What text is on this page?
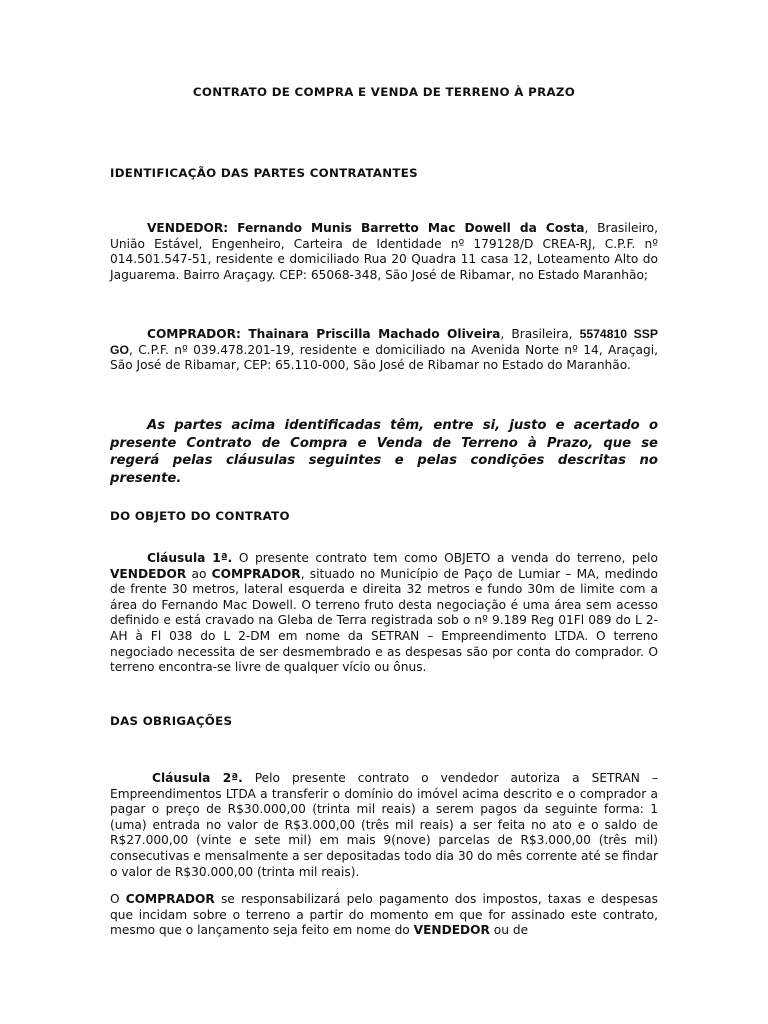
CONTRATO DE COMPRA E VENDA DE TERRENO À PRAZO
IDENTIFICAÇÃO DAS PARTES CONTRATANTES
VENDEDOR: Fernando Munis Barretto Mac Dowell da Costa, Brasileiro, União Estável, Engenheiro, Carteira de Identidade nº 179128/D CREA-RJ, C.P.F. nº 014.501.547-51, residente e domiciliado Rua 20 Quadra 11 casa 12, Loteamento Alto do Jaguarema. Bairro Araçagy. CEP: 65068-348, São José de Ribamar, no Estado Maranhão;
COMPRADOR: Thainara Priscilla Machado Oliveira, Brasileira, 5574810 SSP GO, C.P.F. nº 039.478.201-19, residente e domiciliado na Avenida Norte nº 14, Araçagi, São José de Ribamar, CEP: 65.110-000, São José de Ribamar no Estado do Maranhão.
As partes acima identificadas têm, entre si, justo e acertado o presente Contrato de Compra e Venda de Terreno à Prazo, que se regerá pelas cláusulas seguintes e pelas condições descritas no presente.
DO OBJETO DO CONTRATO
Cláusula 1ª. O presente contrato tem como OBJETO a venda do terreno, pelo VENDEDOR ao COMPRADOR, situado no Município de Paço de Lumiar – MA, medindo de frente 30 metros, lateral esquerda e direita 32 metros e fundo 30m de limite com a área do Fernando Mac Dowell. O terreno fruto desta negociação é uma área sem acesso definido e está cravado na Gleba de Terra registrada sob o nº 9.189 Reg 01Fl 089 do L 2-AH à Fl 038 do L 2-DM em nome da SETRAN – Empreendimento LTDA. O terreno negociado necessita de ser desmembrado e as despesas são por conta do comprador. O terreno encontra-se livre de qualquer vício ou ônus.
DAS OBRIGAÇÕES
Cláusula 2ª. Pelo presente contrato o vendedor autoriza a SETRAN – Empreendimentos LTDA a transferir o domínio do imóvel acima descrito e o comprador a pagar o preço de R$30.000,00 (trinta mil reais) a serem pagos da seguinte forma: 1 (uma) entrada no valor de R$3.000,00 (três mil reais) a ser feita no ato e o saldo de R$27.000,00 (vinte e sete mil) em mais 9(nove) parcelas de R$3.000,00 (três mil) consecutivas e mensalmente a ser depositadas todo dia 30 do mês corrente até se findar o valor de R$30.000,00 (trinta mil reais).
O COMPRADOR se responsabilizará pelo pagamento dos impostos, taxas e despesas que incidam sobre o terreno a partir do momento em que for assinado este contrato, mesmo que o lançamento seja feito em nome do VENDEDOR ou de
